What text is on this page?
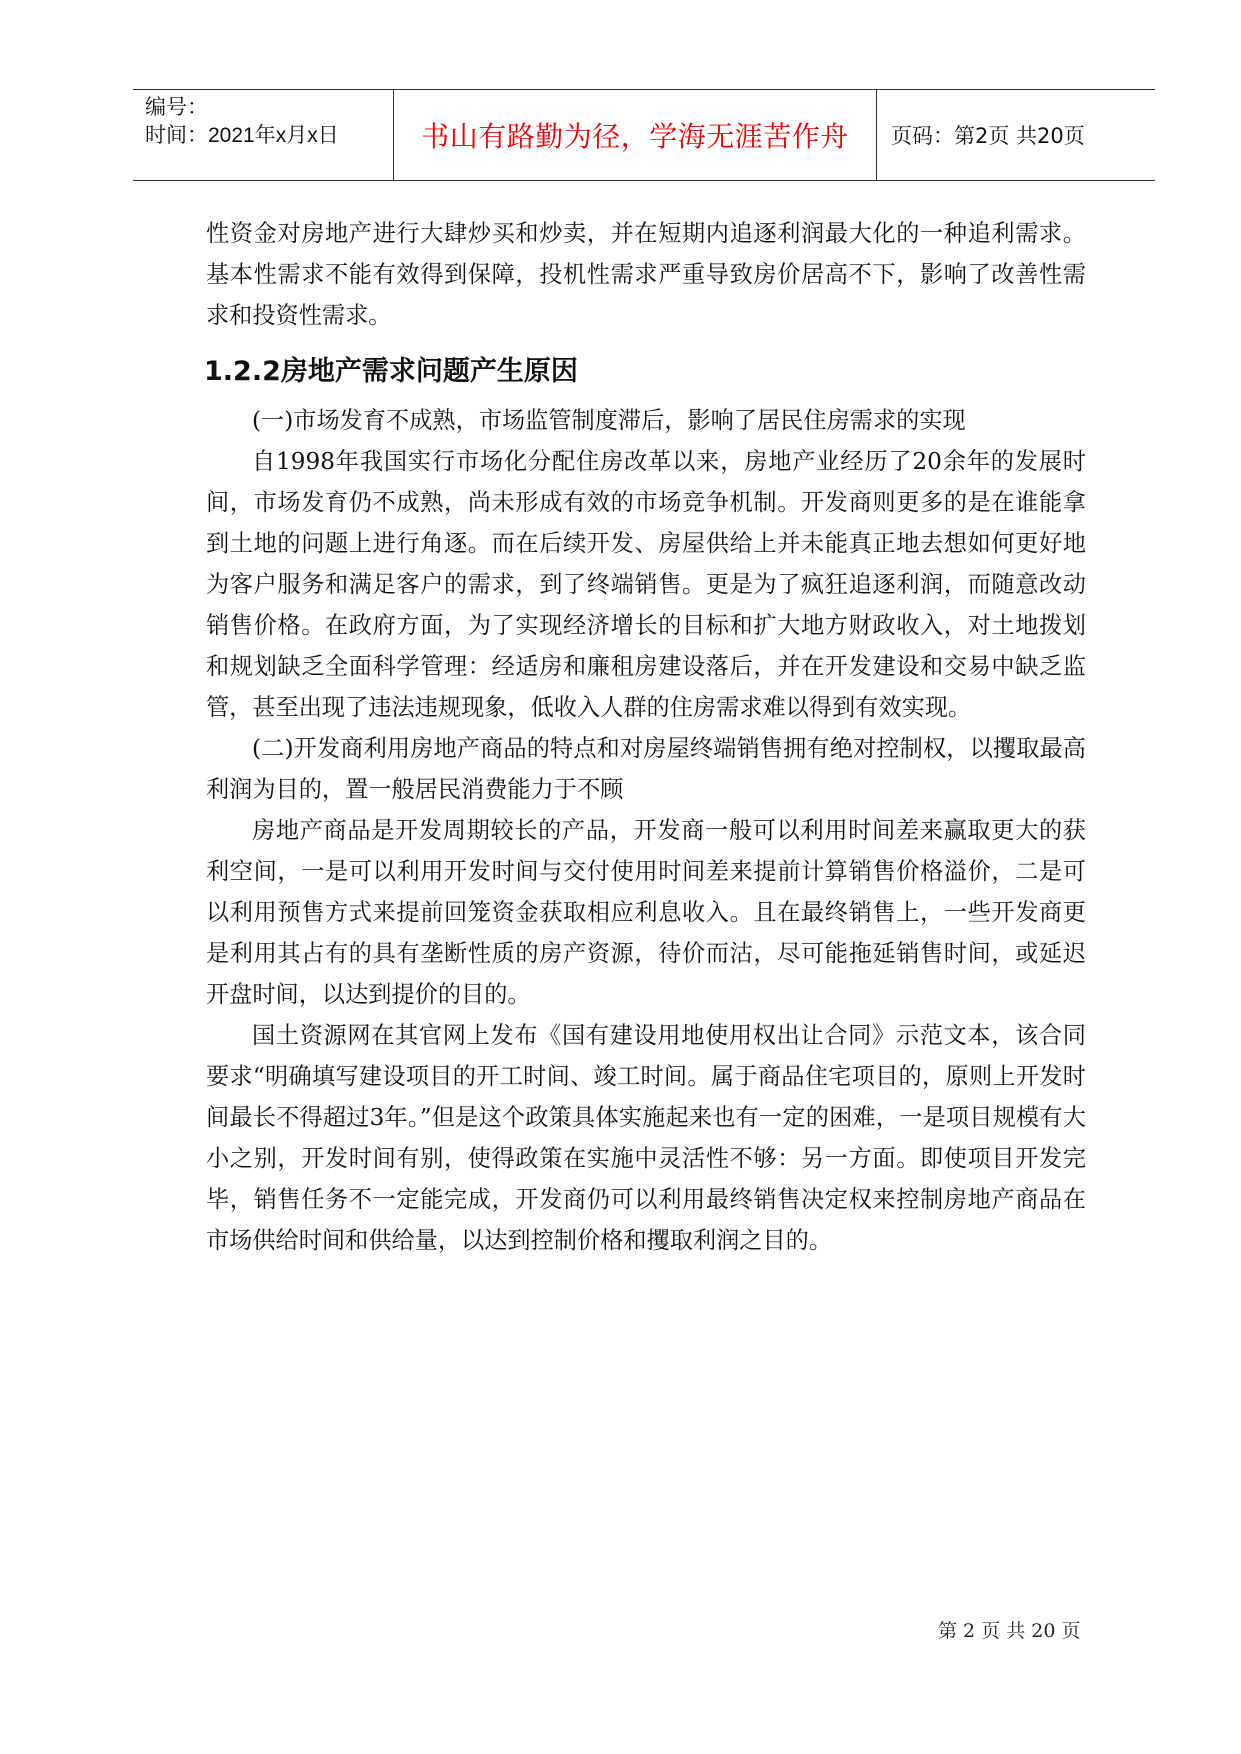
编号：
时间：2021年x月x日	书山有路勤为径，学海无涯苦作舟	页码：第2页 共20页

性资金对房地产进行大肆炒买和炒卖，并在短期内追逐利润最大化的一种追利需求。基本性需求不能有效得到保障，投机性需求严重导致房价居高不下，影响了改善性需求和投资性需求。

1.2.2房地产需求问题产生原因

(一)市场发育不成熟，市场监管制度滞后，影响了居民住房需求的实现

自1998年我国实行市场化分配住房改革以来，房地产业经历了20余年的发展时间，市场发育仍不成熟，尚未形成有效的市场竞争机制。开发商则更多的是在谁能拿到土地的问题上进行角逐。而在后续开发、房屋供给上并未能真正地去想如何更好地为客户服务和满足客户的需求，到了终端销售。更是为了疯狂追逐利润，而随意改动销售价格。在政府方面，为了实现经济增长的目标和扩大地方财政收入，对土地拨划和规划缺乏全面科学管理：经适房和廉租房建设落后，并在开发建设和交易中缺乏监管，甚至出现了违法违规现象，低收入人群的住房需求难以得到有效实现。

(二)开发商利用房地产商品的特点和对房屋终端销售拥有绝对控制权，以攫取最高利润为目的，置一般居民消费能力于不顾

房地产商品是开发周期较长的产品，开发商一般可以利用时间差来赢取更大的获利空间，一是可以利用开发时间与交付使用时间差来提前计算销售价格溢价，二是可以利用预售方式来提前回笼资金获取相应利息收入。且在最终销售上，一些开发商更是利用其占有的具有垄断性质的房产资源，待价而沽，尽可能拖延销售时间，或延迟开盘时间，以达到提价的目的。

国土资源网在其官网上发布《国有建设用地使用权出让合同》示范文本，该合同要求“明确填写建设项目的开工时间、竣工时间。属于商品住宅项目的，原则上开发时间最长不得超过3年。”但是这个政策具体实施起来也有一定的困难，一是项目规模有大小之别，开发时间有别，使得政策在实施中灵活性不够：另一方面。即使项目开发完毕，销售任务不一定能完成，开发商仍可以利用最终销售决定权来控制房地产商品在市场供给时间和供给量，以达到控制价格和攫取利润之目的。

第 2 页 共 20 页
